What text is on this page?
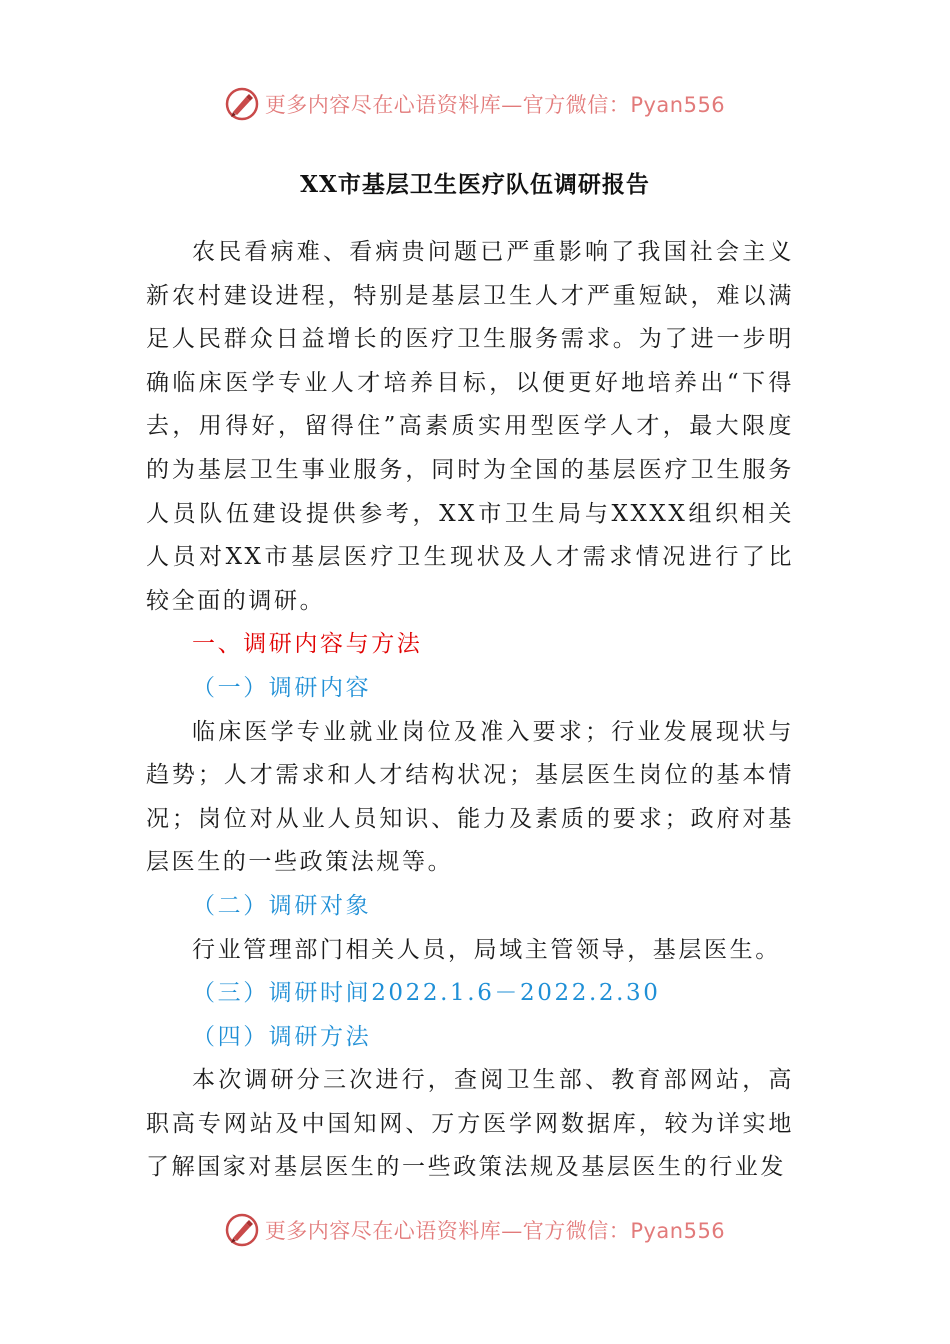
更多内容尽在心语资料库—官方微信：Pyan556
XX市基层卫生医疗队伍调研报告

农民看病难、看病贵问题已严重影响了我国社会主义新农村建设进程，特别是基层卫生人才严重短缺，难以满足人民群众日益增长的医疗卫生服务需求。为了进一步明确临床医学专业人才培养目标，以便更好地培养出“下得去，用得好，留得住”高素质实用型医学人才，最大限度的为基层卫生事业服务，同时为全国的基层医疗卫生服务人员队伍建设提供参考，XX市卫生局与XXXX组织相关人员对XX市基层医疗卫生现状及人才需求情况进行了比较全面的调研。

一、调研内容与方法

（一）调研内容

临床医学专业就业岗位及准入要求；行业发展现状与趋势；人才需求和人才结构状况；基层医生岗位的基本情况；岗位对从业人员知识、能力及素质的要求；政府对基层医生的一些政策法规等。

（二）调研对象

行业管理部门相关人员，局域主管领导，基层医生。

（三）调研时间2022.1.6－2022.2.30

（四）调研方法

本次调研分三次进行，查阅卫生部、教育部网站，高职高专网站及中国知网、万方医学网数据库，较为详实地了解国家对基层医生的一些政策法规及基层医生的行业发

更多内容尽在心语资料库—官方微信：Pyan556
